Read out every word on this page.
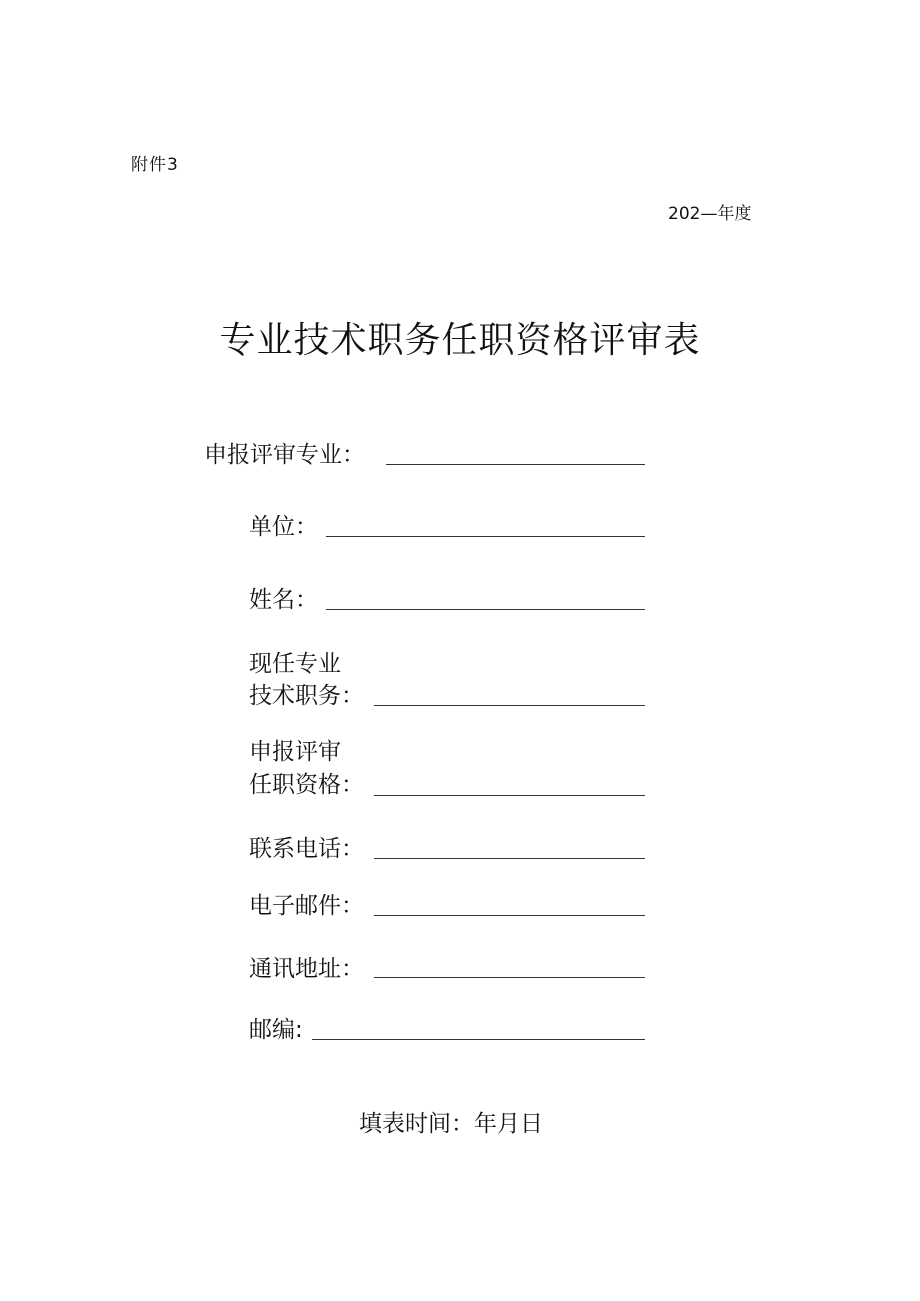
附件3
202—年度
专业技术职务任职资格评审表
申报评审专业：
单位：
姓名：
现任专业
技术职务：
申报评审
任职资格：
联系电话：
电子邮件：
通讯地址：
邮编:
填表时间：年月日
